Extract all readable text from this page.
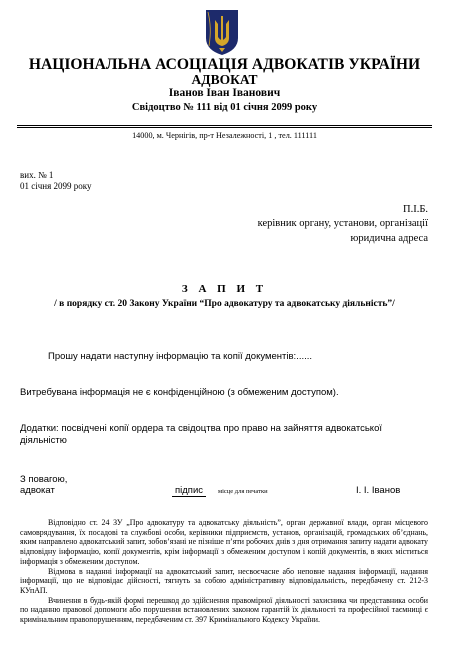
НАЦІОНАЛЬНА АСОЦІАЦІЯ АДВОКАТІВ УКРАЇНИ
АДВОКАТ
Іванов Іван Іванович
Свідоцтво № 111 від 01 січня 2099 року
14000, м. Чернігів, пр-т Незалежності, 1 , тел. 111111
вих. № 1
01 січня 2099 року
П.І.Б.
керівник органу, установи, організації
юридична адреса
З А П И Т
/ в порядку ст. 20 Закону України “Про адвокатуру та адвокатську діяльність”/
Прошу надати наступну інформацію та копії документів:......
Витребувана інформація не є конфіденційною (з обмеженим доступом).
Додатки: посвідчені копії ордера та свідоцтва про право на зайняття адвокатської
діяльністю
З повагою,
адвокат	підпис	місце для печатки	І. І. Іванов

Відповідно ст. 24 ЗУ „Про адвокатуру та адвокатську діяльність”, орган державної влади, орган місцевого самоврядування, їх посадові та службові особи, керівники підприємств, установ, організацій, громадських об’єднань, яким направлено адвокатський запит, зобов’язані не пізніше п’яти робочих днів з дня отримання запиту надати адвокату відповідну інформацію, копії документів, крім інформації з обмеженим доступом і копій документів, в яких міститься інформація з обмеженим доступом.

Відмова в наданні інформації на адвокатський запит, несвоєчасне або неповне надання інформації, надання інформації, що не відповідає дійсності, тягнуть за собою адміністративну відповідальність, передбачену ст. 212-3 КУпАП.

Вчинення в будь-якій формі перешкод до здійснення правомірної діяльності захисника чи представника особи по наданню правової допомоги або порушення встановлених законом гарантій їх діяльності та професійної таємниці є кримінальним правопорушенням, передбаченим ст. 397 Кримінального Кодексу України.
